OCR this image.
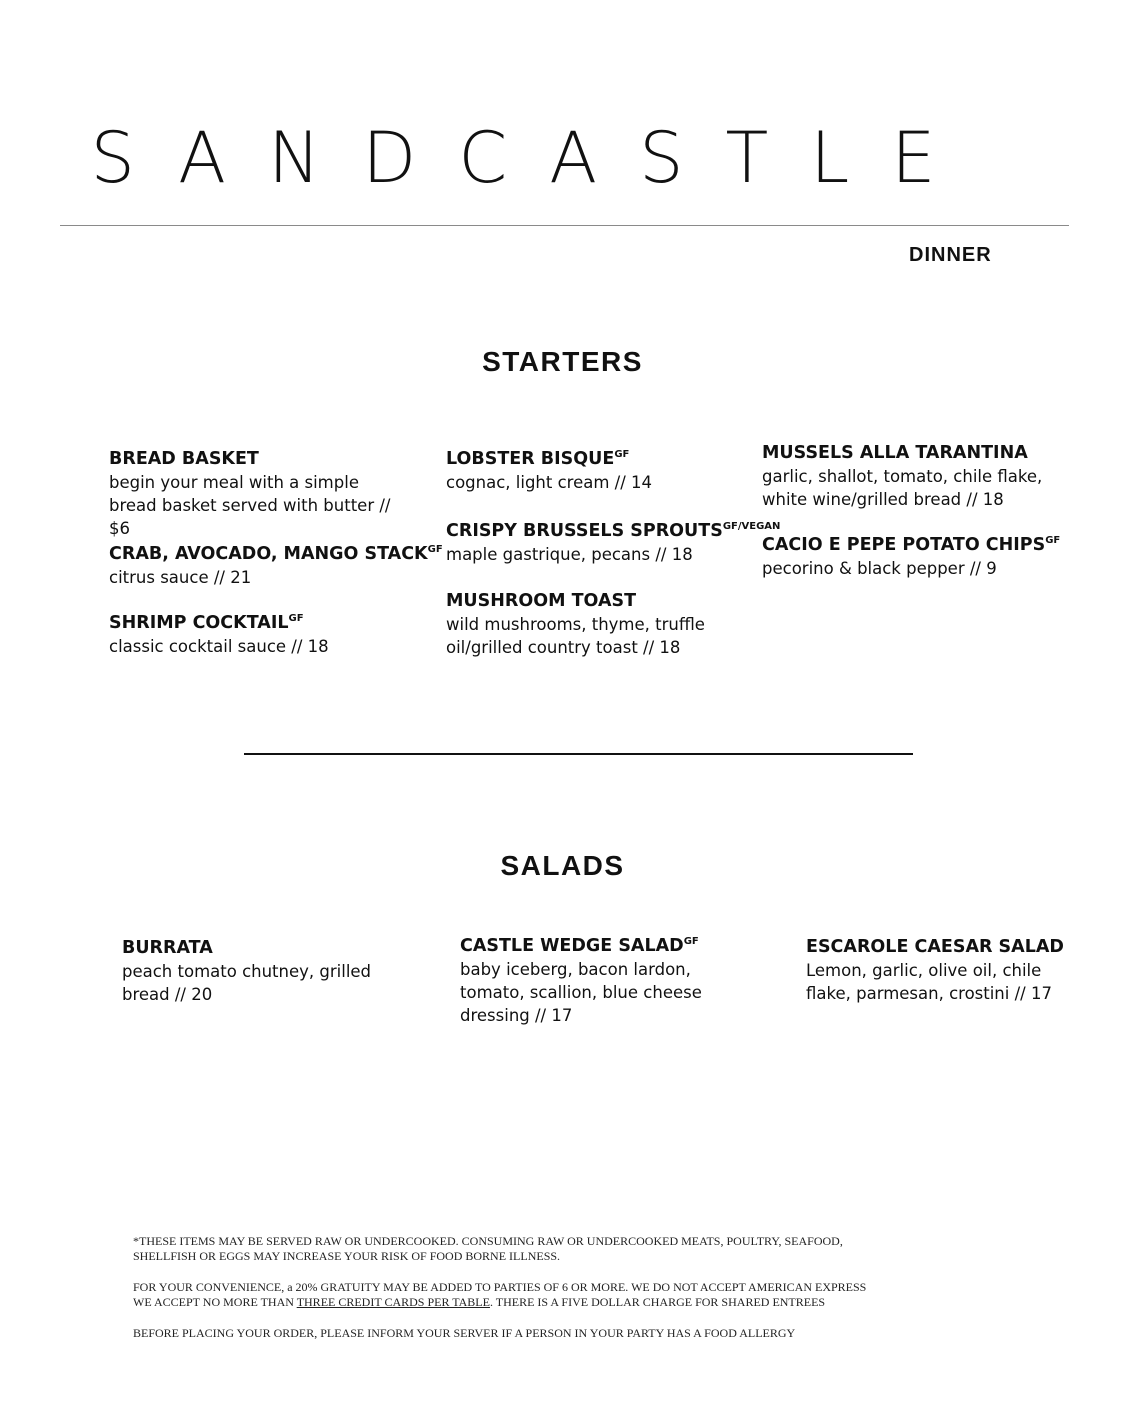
SANDCASTLE
DINNER
STARTERS
BREAD BASKET
begin your meal with a simple bread basket served with butter // $6
CRAB, AVOCADO, MANGO $STACK^{GF}$
citrus sauce // 21
SHRIMP $COCKTAIL^{GF}$
classic cocktail sauce // 18
LOBSTER $BISQUE^{GF}$
cognac, light cream // 14
CRISPY BRUSSELS $SPROUTS^{GF/VEGAN}$
maple gastrique, pecans // 18
MUSHROOM TOAST
wild mushrooms, thyme, truffle oil/grilled country toast // 18
MUSSELS ALLA TARANTINA
garlic, shallot, tomato, chile flake, white wine/grilled bread // 18
CACIO E PEPE POTATO $CHIPS^{GF}$
pecorino & black pepper // 9
SALADS
BURRATA
peach tomato chutney, grilled bread // 20
CASTLE WEDGE $SALAD^{GF}$
baby iceberg, bacon lardon, tomato, scallion, blue cheese dressing // 17
ESCAROLE CAESAR SALAD
Lemon, garlic, olive oil, chile flake, parmesan, crostini // 17
*THESE ITEMS MAY BE SERVED RAW OR UNDERCOOKED. CONSUMING RAW OR UNDERCOOKED MEATS, POULTRY, SEAFOOD,
SHELLFISH OR EGGS MAY INCREASE YOUR RISK OF FOOD BORNE ILLNESS.
FOR YOUR CONVENIENCE, a 20% GRATUITY MAY BE ADDED TO PARTIES OF 6 OR MORE. WE DO NOT ACCEPT AMERICAN EXPRESS
WE ACCEPT NO MORE THAN THREE CREDIT CARDS PER TABLE. THERE IS A FIVE DOLLAR CHARGE FOR SHARED ENTREES
BEFORE PLACING YOUR ORDER, PLEASE INFORM YOUR SERVER IF A PERSON IN YOUR PARTY HAS A FOOD ALLERGY
